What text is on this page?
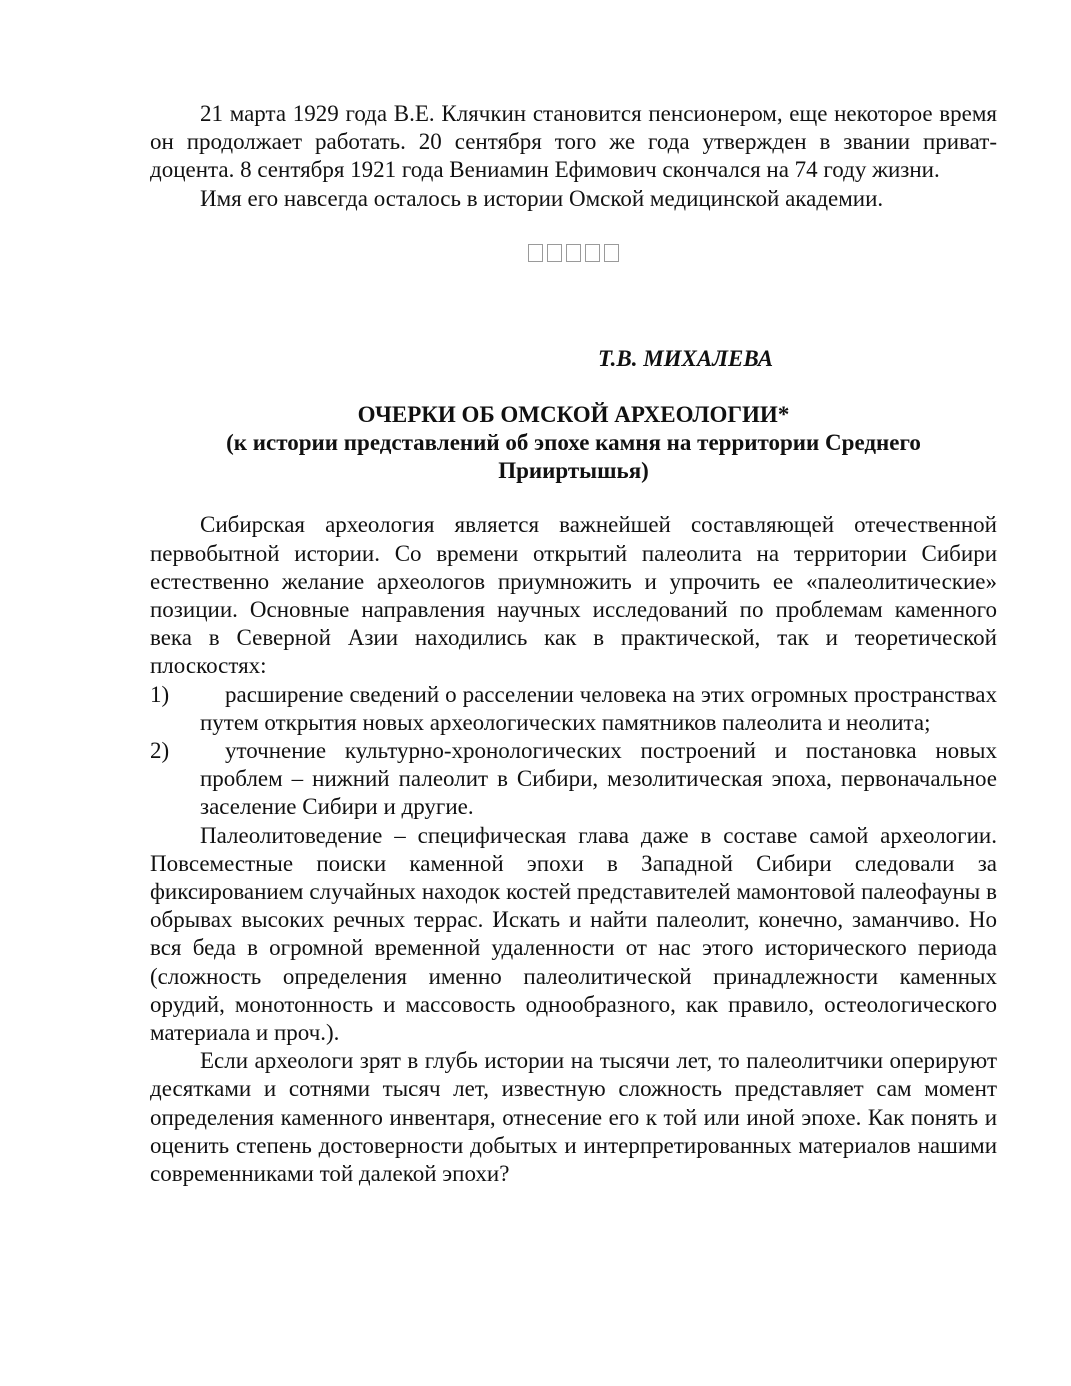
21 марта 1929 года В.Е. Клячкин становится пенсионером, еще некоторое время он продолжает работать. 20 сентября того же года утвержден в звании приват-доцента. 8 сентября 1921 года Вениамин Ефимович скончался на 74 году жизни.

Имя его навсегда осталось в истории Омской медицинской академии.

Т.В. МИХАЛЕВА
ОЧЕРКИ ОБ ОМСКОЙ АРХЕОЛОГИИ*
(к истории представлений об эпохе камня на территории Среднего
Прииртышья)

Сибирская археология является важнейшей составляющей отечественной первобытной истории. Со времени открытий палеолита на территории Сибири естественно желание археологов приумножить и упрочить ее «палеолитические» позиции. Основные направления научных исследований по проблемам каменного века в Северной Азии находились как в практической, так и теоретической плоскостях:

1)	расширение сведений о расселении человека на этих огромных пространствах путем открытия новых археологических памятников палеолита и неолита;

2)	уточнение культурно-хронологических построений и постановка новых проблем – нижний палеолит в Сибири, мезолитическая эпоха, первоначальное заселение Сибири и другие.

Палеолитоведение – специфическая глава даже в составе самой археологии. Повсеместные поиски каменной эпохи в Западной Сибири следовали за фиксированием случайных находок костей представителей мамонтовой палеофауны в обрывах высоких речных террас. Искать и найти палеолит, конечно, заманчиво. Но вся беда в огромной временной удаленности от нас этого исторического периода (сложность определения именно палеолитической принадлежности каменных орудий, монотонность и массовость однообразного, как правило, остеологического материала и проч.).

Если археологи зрят в глубь истории на тысячи лет, то палеолитчики оперируют десятками и сотнями тысяч лет, известную сложность представляет сам момент определения каменного инвентаря, отнесение его к той или иной эпохе. Как понять и оценить степень достоверности добытых и интерпретированных материалов нашими современниками той далекой эпохи?
